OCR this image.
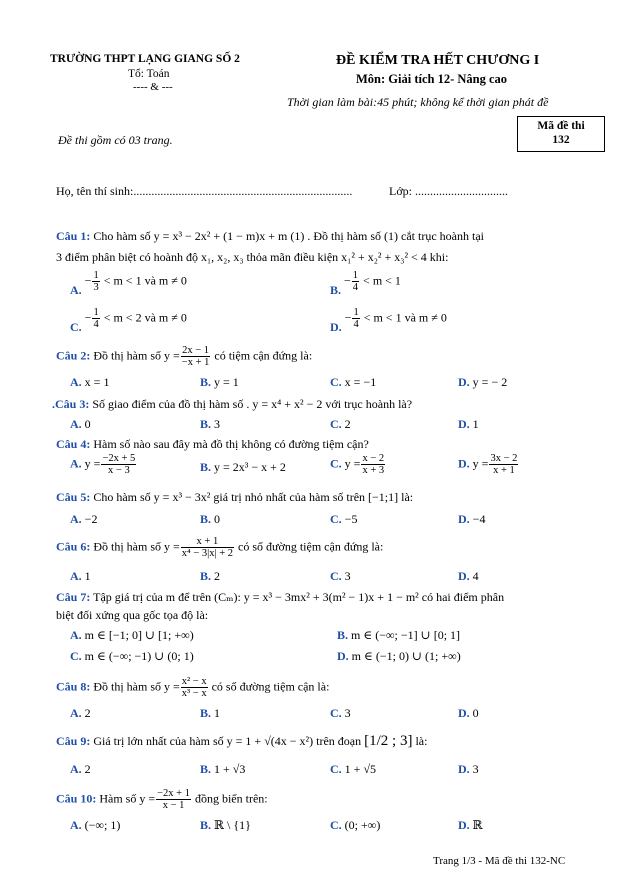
TRƯỜNG THPT LẠNG GIANG SỐ 2
Tổ: Toán
---- & ---
ĐỀ KIỂM TRA HẾT CHƯƠNG I
Môn: Giải tích 12- Nâng cao
Thời gian làm bài:45 phút; không kể thời gian phát đề
Đề thi gồm có 03 trang.
Mã đề thi
132
Họ, tên thí sinh:.........................................................................	Lớp: ...............................
Câu 1: Cho hàm số y = x³ − 2x² + (1 − m)x + m (1) . Đồ thị hàm số (1) cắt trục hoành tại
3 điểm phân biệt có hoành độ x₁, x₂, x₃ thỏa mãn điều kiện x₁² + x₂² + x₃² < 4 khi:
A. − $\frac{1}{3} < m < 1$ và m ≠ 0
B. − $\frac{1}{4} < m < 1$
C. − $\frac{1}{4} < m < 2$ và m ≠ 0
D. − $\frac{1}{4} < m < 1$ và m ≠ 0
Câu 2: Đồ thị hàm số $y = \frac{2x - 1}{-x + 1}$ có tiệm cận đứng là:
A. x = 1	B. y = 1	C. x = −1	D. y = − 2
.Câu 3: Số giao điểm của đồ thị hàm số . y = x⁴ + x² − 2 với trục hoành là?
A. 0	B. 3	C. 2	D. 1
Câu 4: Hàm số nào sau đây mà đồ thị không có đường tiệm cận?
A. $y = \frac{-2x + 5}{x - 3}$	B. y = 2x³ − x + 2	C. $y = \frac{x - 2}{x + 3}$	D. $y = \frac{3x - 2}{x + 1}$
Câu 5: Cho hàm số y = x³ − 3x² giá trị nhỏ nhất của hàm số trên [−1;1] là:
A. −2	B. 0	C. −5	D. −4
Câu 6: Đồ thị hàm số $y = \frac{x + 1}{\text{x⁴ − 3|x| + 2}}$ có số đường tiệm cận đứng là:
A. 1	B. 2	C. 3	D. 4
Câu 7: Tập giá trị của m để trên (Cₘ): y = x³ − 3mx² + 3(m² − 1)x + 1 − m² có hai điểm phân
biệt đối xứng qua gốc tọa độ là:
A. m ∈ [−1; 0] ∪ [1; +∞)	B. m ∈ (−∞; −1] ∪ [0; 1]
C. m ∈ (−∞; −1) ∪ (0; 1)	D. m ∈ (−1; 0) ∪ (1; +∞)
Câu 8: Đồ thị hàm số $y = \frac{\text{x² − x}}{\text{x³ − x}}$ có số đường tiệm cận là:
A. 2	B. 1	C. 3	D. 0
Câu 9: Giá trị lớn nhất của hàm số y = 1 + √(4x − x²) trên đoạn [1/2 ; 3] là:
A. 2	B. 1 + √3	C. 1 + √5	D. 3
Câu 10: Hàm số $y = \frac{-2x + 1}{x - 1}$ đồng biến trên:
A. (−∞; 1)	B. ℝ \ {1}	C. (0; +∞)	D. ℝ
Trang 1/3 - Mã đề thi 132-NC
